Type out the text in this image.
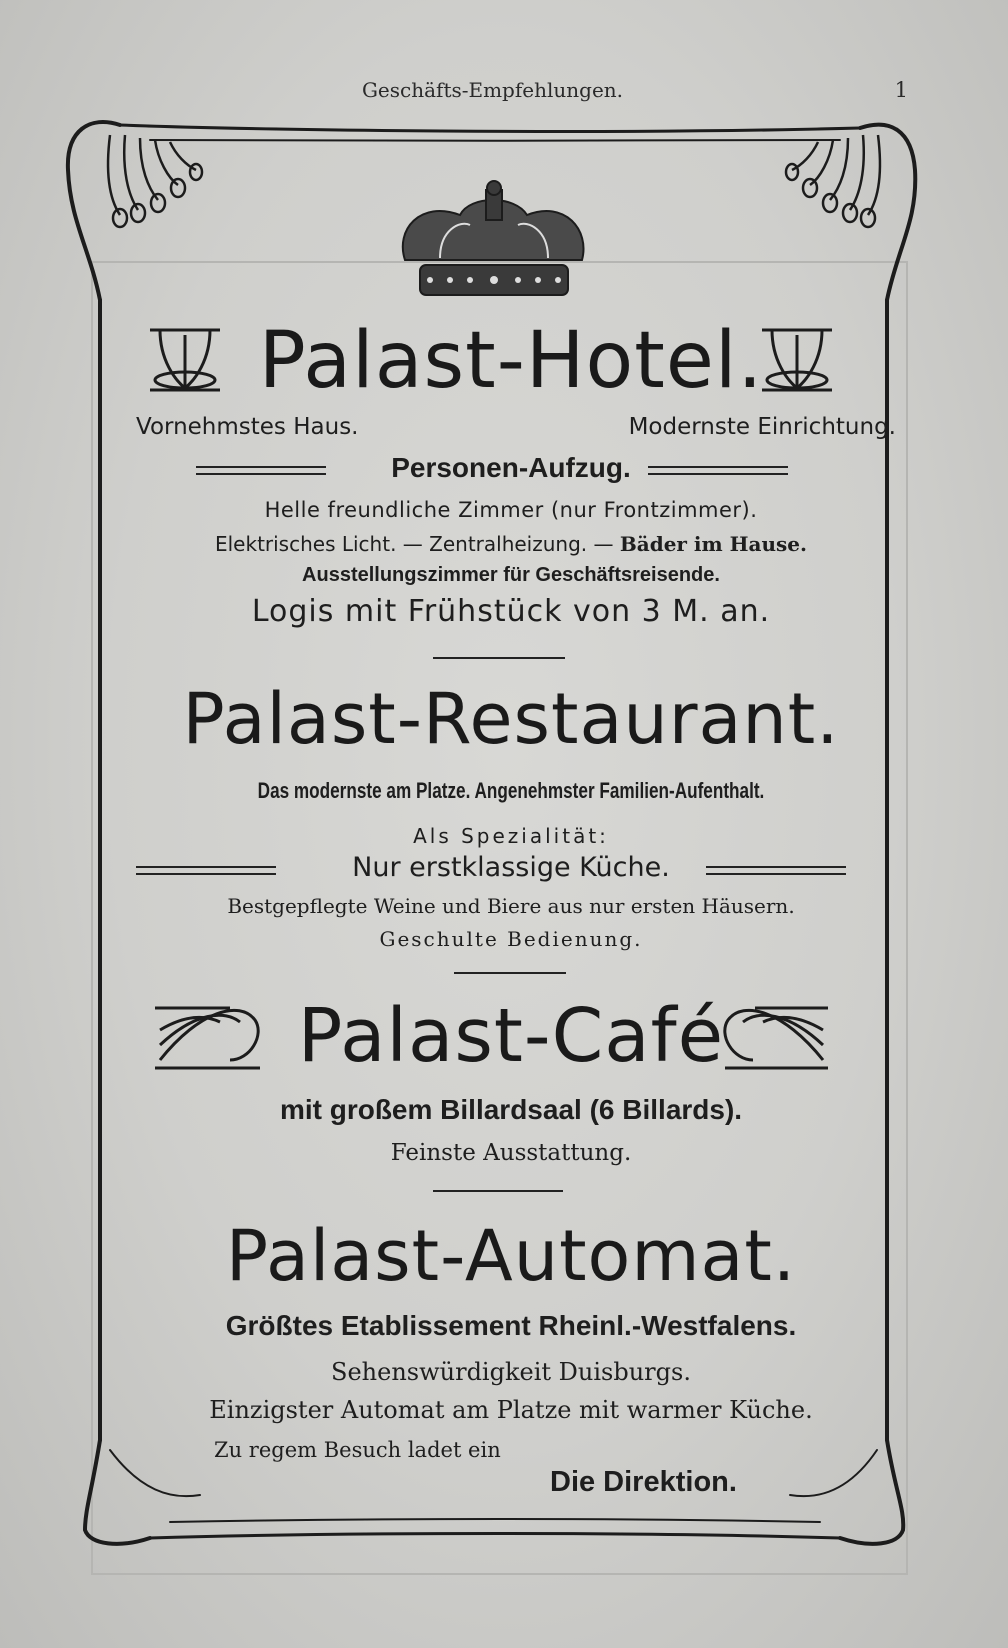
Geschäfts-Empfehlungen.	1
Palast-Hotel.
Vornehmstes Haus.	Modernste Einrichtung.
Personen-Aufzug.
Helle freundliche Zimmer (nur Frontzimmer).
Elektrisches Licht. — Zentralheizung. — Bäder im Hause.
Ausstellungszimmer für Geschäftsreisende.
Logis mit Frühstück von 3 M. an.
Palast-Restaurant.
Das modernste am Platze. Angenehmster Familien-Aufenthalt.
Als Spezialität:
Nur erstklassige Küche.
Bestgepflegte Weine und Biere aus nur ersten Häusern.
Geschulte Bedienung.
Palast-Café
mit großem Billardsaal (6 Billards).
Feinste Ausstattung.
Palast-Automat.
Größtes Etablissement Rheinl.-Westfalens.
Sehenswürdigkeit Duisburgs.
Einzigster Automat am Platze mit warmer Küche.
Zu regem Besuch ladet ein
Die Direktion.
